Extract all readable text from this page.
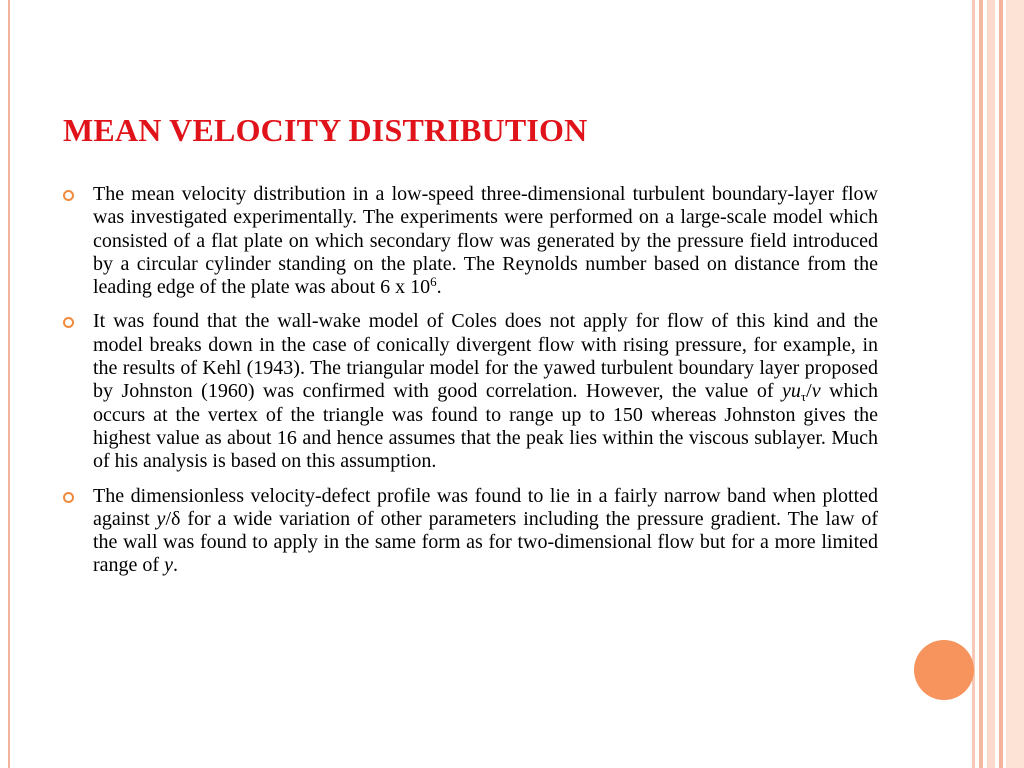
MEAN VELOCITY DISTRIBUTION

The mean velocity distribution in a low-speed three-dimensional turbulent boundary-layer flow was investigated experimentally. The experiments were performed on a large-scale model which consisted of a flat plate on which secondary flow was generated by the pressure field introduced by a circular cylinder standing on the plate. The Reynolds number based on distance from the leading edge of the plate was about 6 x $10^6$.

It was found that the wall-wake model of Coles does not apply for flow of this kind and the model breaks down in the case of conically divergent flow with rising pressure, for example, in the results of Kehl (1943). The triangular model for the yawed turbulent boundary layer proposed by Johnston (1960) was confirmed with good correlation. However, the value of $yu_\tau/v$ which occurs at the vertex of the triangle was found to range up to 150 whereas Johnston gives the highest value as about 16 and hence assumes that the peak lies within the viscous sublayer. Much of his analysis is based on this assumption.

The dimensionless velocity-defect profile was found to lie in a fairly narrow band when plotted against y/δ for a wide variation of other parameters including the pressure gradient. The law of the wall was found to apply in the same form as for two-dimensional flow but for a more limited range of y.
